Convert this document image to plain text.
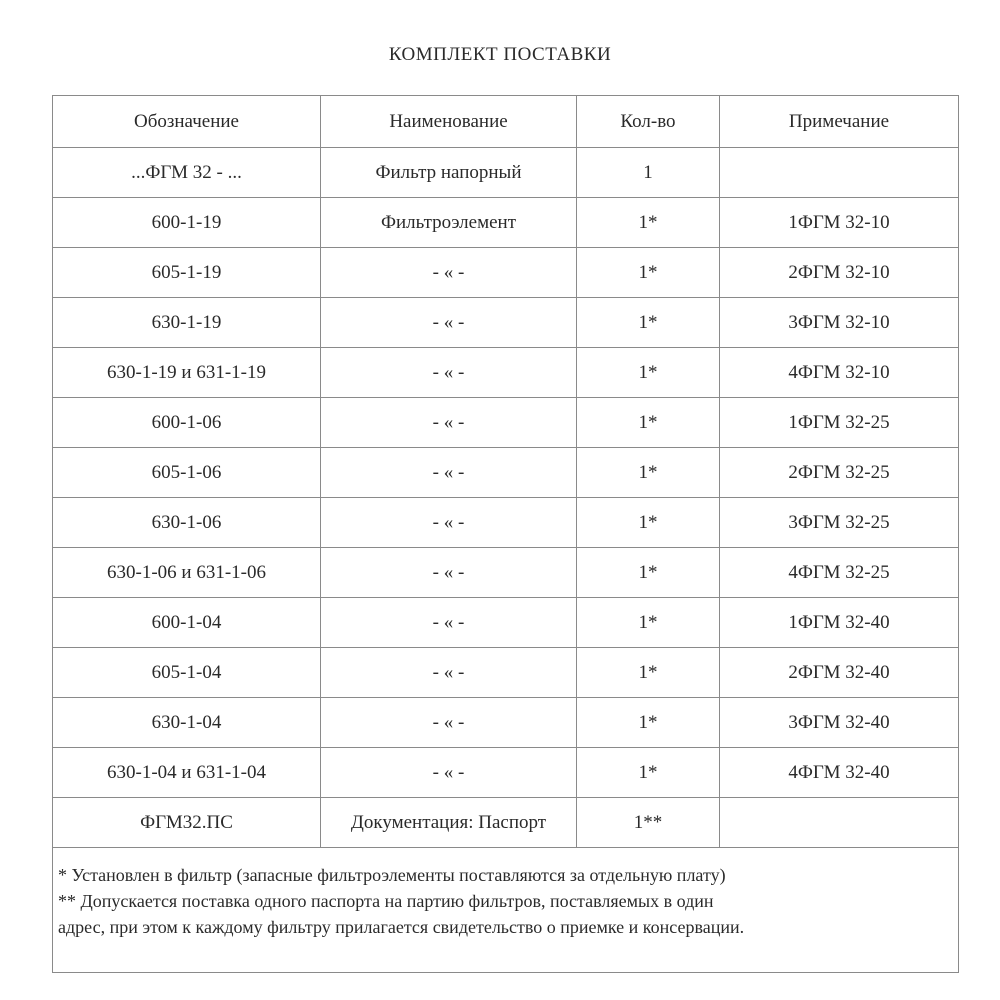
КОМПЛЕКТ ПОСТАВКИ
Обозначение	Наименование	Кол-во	Примечание
...ФГМ 32 - ...	Фильтр напорный	1	
600-1-19	Фильтроэлемент	1*	1ФГМ 32-10
605-1-19	- « -	1*	2ФГМ 32-10
630-1-19	- « -	1*	3ФГМ 32-10
630-1-19 и 631-1-19	- « -	1*	4ФГМ 32-10
600-1-06	- « -	1*	1ФГМ 32-25
605-1-06	- « -	1*	2ФГМ 32-25
630-1-06	- « -	1*	3ФГМ 32-25
630-1-06 и 631-1-06	- « -	1*	4ФГМ 32-25
600-1-04	- « -	1*	1ФГМ 32-40
605-1-04	- « -	1*	2ФГМ 32-40
630-1-04	- « -	1*	3ФГМ 32-40
630-1-04 и 631-1-04	- « -	1*	4ФГМ 32-40
ФГМ32.ПС	Документация: Паспорт	1**	

* Установлен в фильтр (запасные фильтроэлементы поставляются за отдельную плату)
** Допускается поставка одного паспорта на партию фильтров, поставляемых в один
адрес, при этом к каждому фильтру прилагается свидетельство о приемке и консервации.			
